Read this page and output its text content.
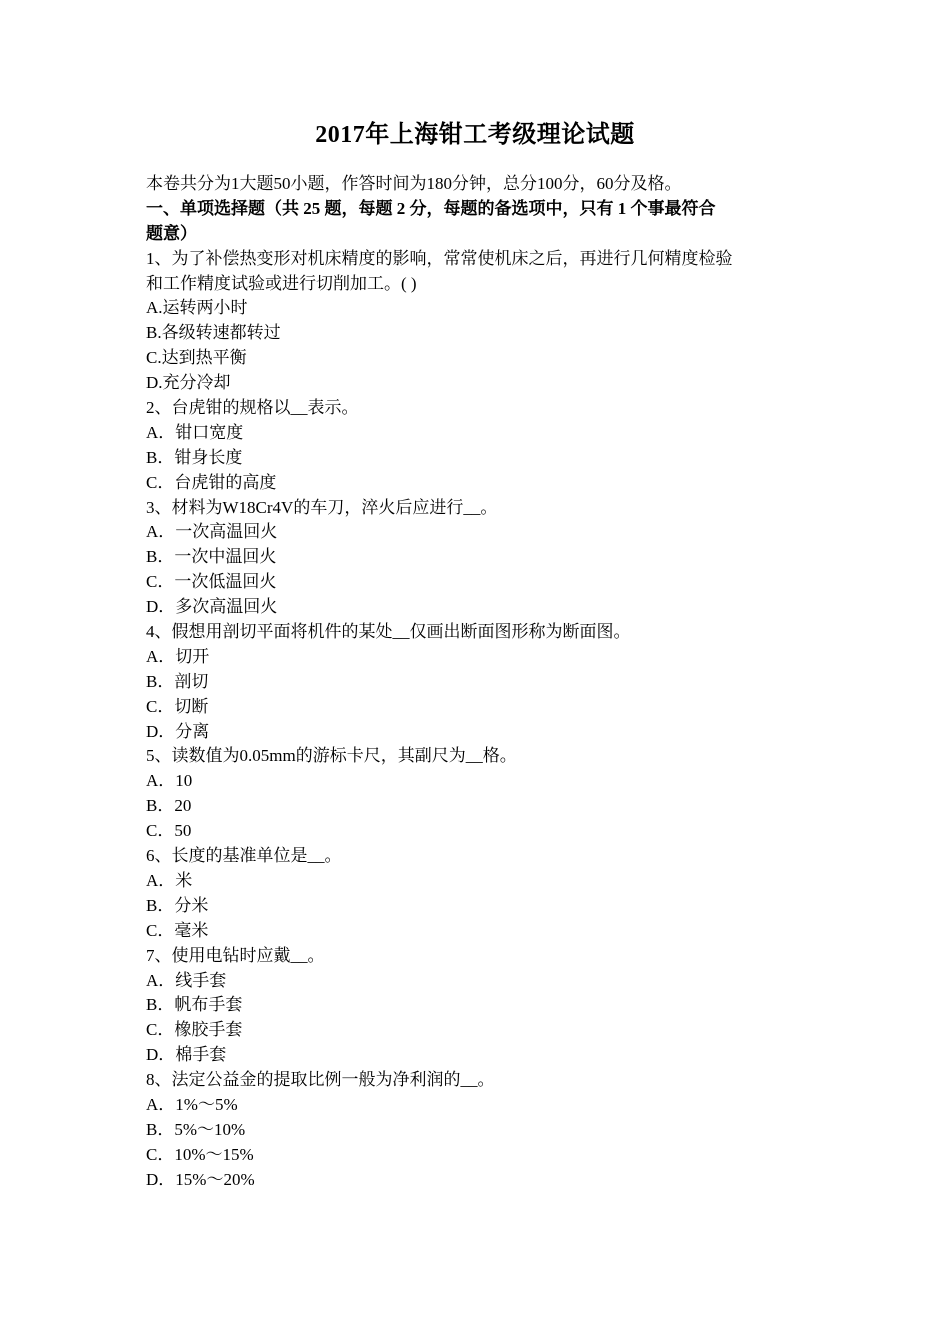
2017年上海钳工考级理论试题
本卷共分为1大题50小题，作答时间为180分钟，总分100分，60分及格。
一、单项选择题（共 25 题，每题 2 分，每题的备选项中，只有 1 个事最符合
题意）
1、为了补偿热变形对机床精度的影响，常常使机床之后，再进行几何精度检验
和工作精度试验或进行切削加工。( )
A.运转两小时
B.各级转速都转过
C.达到热平衡
D.充分冷却
2、台虎钳的规格以__表示。
A．钳口宽度
B．钳身长度
C．台虎钳的高度
3、材料为W18Cr4V的车刀，淬火后应进行__。
A．一次高温回火
B．一次中温回火
C．一次低温回火
D．多次高温回火
4、假想用剖切平面将机件的某处__仅画出断面图形称为断面图。
A．切开
B．剖切
C．切断
D．分离
5、读数值为0.05mm的游标卡尺，其副尺为__格。
A．10
B．20
C．50
6、长度的基准单位是__。
A．米
B．分米
C．毫米
7、使用电钻时应戴__。
A．线手套
B．帆布手套
C．橡胶手套
D．棉手套
8、法定公益金的提取比例一般为净利润的__。
A．1%～5%
B．5%～10%
C．10%～15%
D．15%～20%
